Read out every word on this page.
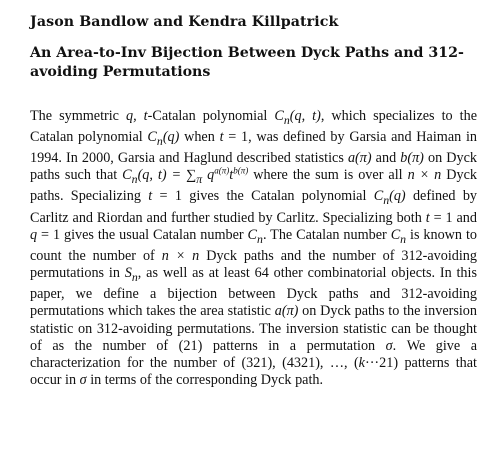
Jason Bandlow and Kendra Killpatrick
An Area-to-Inv Bijection Between Dyck Paths and 312-avoiding Permutations

The symmetric q, t-Catalan polynomial $C_n(q$, t), which specializes to the Catalan polynomial $C_n(q)$ when t = 1, was defined by Garsia and Haiman in 1994. In 2000, Garsia and Haglund described statistics a(π) and b(π) on Dyck paths such that $C_n(q$, $t) = \sum_\pi$ $q^{a(\pi)}t^{b(\pi)}$ where the sum is over all n × n Dyck paths. Specializing t = 1 gives the Catalan polynomial $C_n(q)$ defined by Carlitz and Riordan and further studied by Carlitz. Specializing both t = 1 and q = 1 gives the usual Catalan number $C_n$. The Catalan number $C_n$ is known to count the number of n × n Dyck paths and the number of 312-avoiding permutations in $S_n$, as well as at least 64 other combinatorial objects. In this paper, we define a bijection between Dyck paths and 312-avoiding permutations which takes the area statistic a(π) on Dyck paths to the inversion statistic on 312-avoiding permutations. The inversion statistic can be thought of as the number of (21) patterns in a permutation σ. We give a characterization for the number of (321), (4321), …, (k···21) patterns that occur in σ in terms of the corresponding Dyck path.
